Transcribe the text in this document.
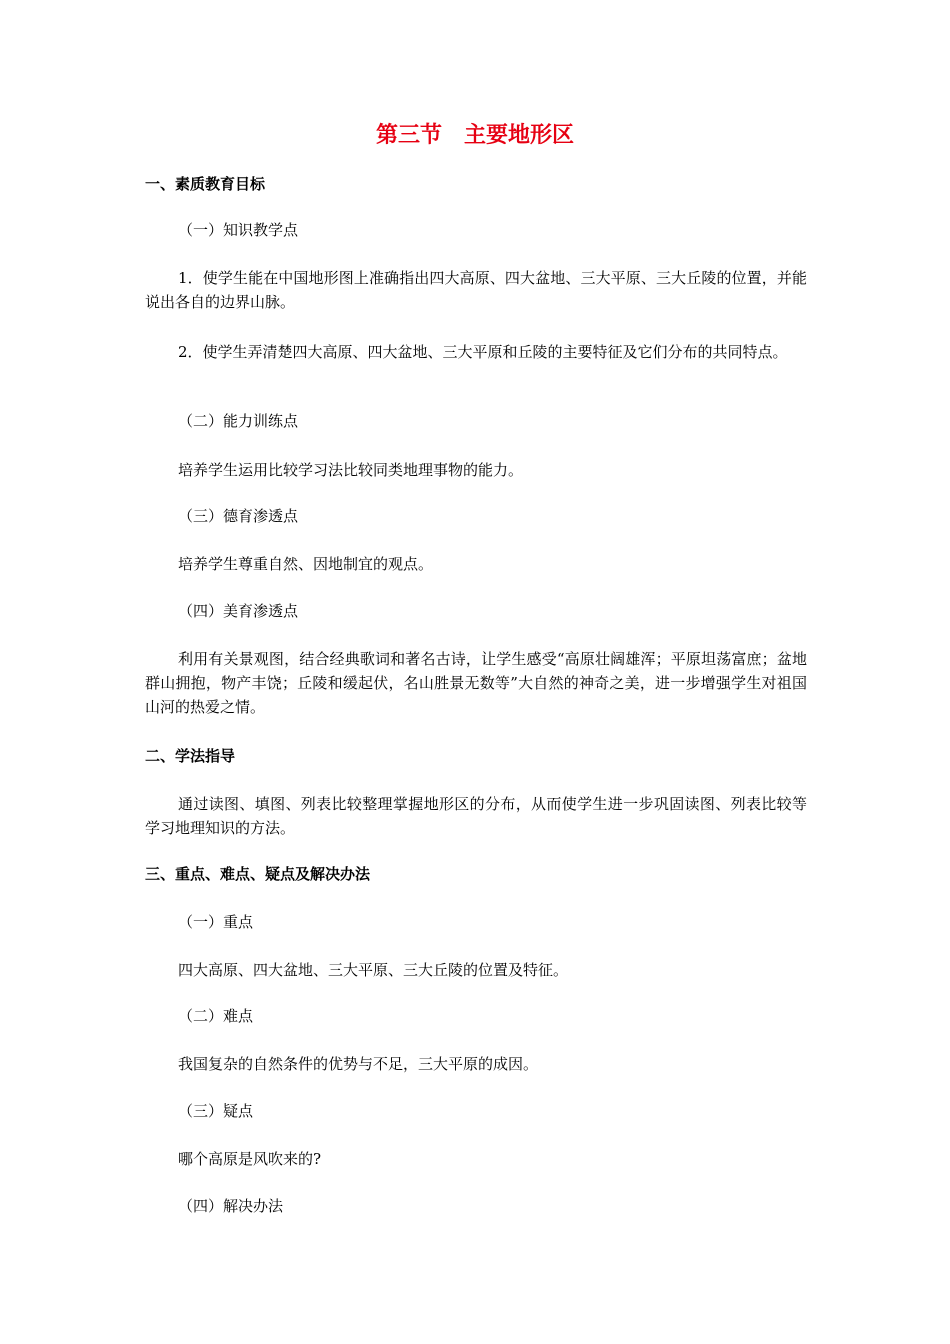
第三节　主要地形区
一、素质教育目标
（一）知识教学点
1．使学生能在中国地形图上准确指出四大高原、四大盆地、三大平原、三大丘陵的位置，并能说出各自的边界山脉。
2．使学生弄清楚四大高原、四大盆地、三大平原和丘陵的主要特征及它们分布的共同特点。
（二）能力训练点
培养学生运用比较学习法比较同类地理事物的能力。
（三）德育渗透点
培养学生尊重自然、因地制宜的观点。
（四）美育渗透点
利用有关景观图，结合经典歌词和著名古诗，让学生感受“高原壮阔雄浑；平原坦荡富庶；盆地群山拥抱，物产丰饶；丘陵和缓起伏，名山胜景无数等”大自然的神奇之美，进一步增强学生对祖国山河的热爱之情。
二、学法指导
通过读图、填图、列表比较整理掌握地形区的分布，从而使学生进一步巩固读图、列表比较等学习地理知识的方法。
三、重点、难点、疑点及解决办法
（一）重点
四大高原、四大盆地、三大平原、三大丘陵的位置及特征。
（二）难点
我国复杂的自然条件的优势与不足，三大平原的成因。
（三）疑点
哪个高原是风吹来的?
（四）解决办法
